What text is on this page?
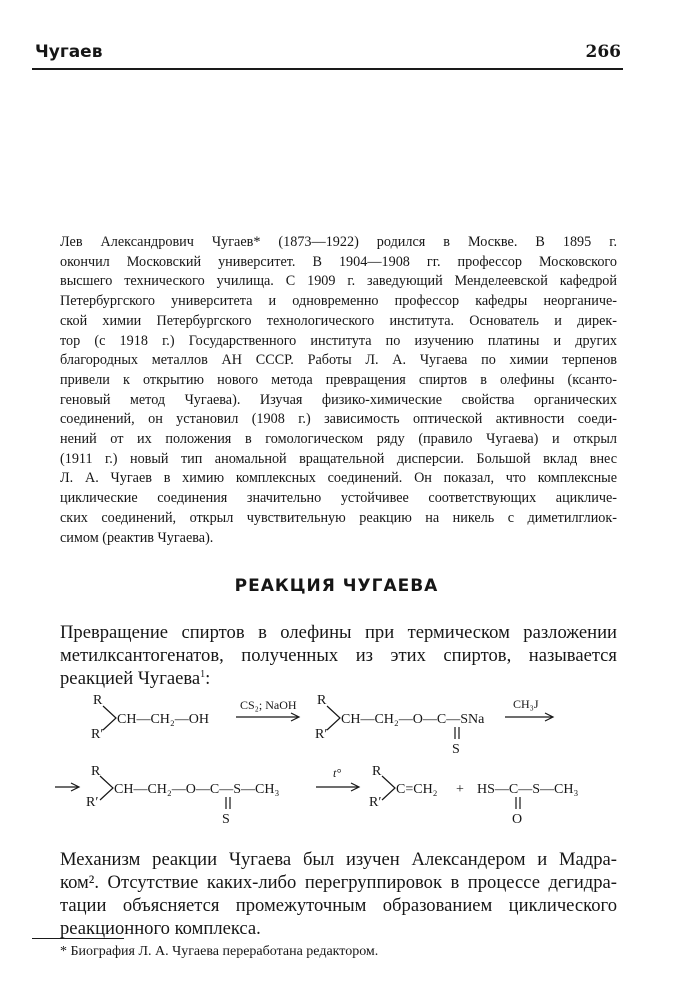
Чугаев	266
Лев Александрович Чугаев* (1873—1922) родился в Москве. В 1895 г.
окончил Московский университет. В 1904—1908 гг. профессор Московского
высшего технического училища. С 1909 г. заведующий Менделеевской кафедрой
Петербургского университета и одновременно профессор кафедры неорганиче-
ской химии Петербургского технологического института. Основатель и дирек-
тор (с 1918 г.) Государственного института по изучению платины и других
благородных металлов АН СССР. Работы Л. А. Чугаева по химии терпенов
привели к открытию нового метода превращения спиртов в олефины (ксанто-
геновый метод Чугаева). Изучая физико-химические свойства органических
соединений, он установил (1908 г.) зависимость оптической активности соеди-
нений от их положения в гомологическом ряду (правило Чугаева) и открыл
(1911 г.) новый тип аномальной вращательной дисперсии. Большой вклад внес
Л. А. Чугаев в химию комплексных соединений. Он показал, что комплексные
циклические соединения значительно устойчивее соответствующих ацикличе-
ских соединений, открыл чувствительную реакцию на никель с диметилглиок-
симом (реактив Чугаева).
РЕАКЦИЯ ЧУГАЕВА
Превращение спиртов в олефины при термическом разложении
метилксантогенатов, полученных из этих спиртов, называется
реакцией Чугаева$^1$:
R
R′
CH—CH₂—OH
CS₂; NaOH R
R′
CH—CH₂—O—C—SNa
S
CH₃J
R
R′
CH—CH₂—O—C—S—CH₃
S
t° R
R′
C=CH₂ + HS—C—S—CH₃
O
Механизм реакции Чугаева был изучен Александером и Мадра-
ком². Отсутствие каких-либо перегруппировок в процессе дегидра-
тации объясняется промежуточным образованием циклического
реакционного комплекса.
* Биография Л. А. Чугаева переработана редактором.
